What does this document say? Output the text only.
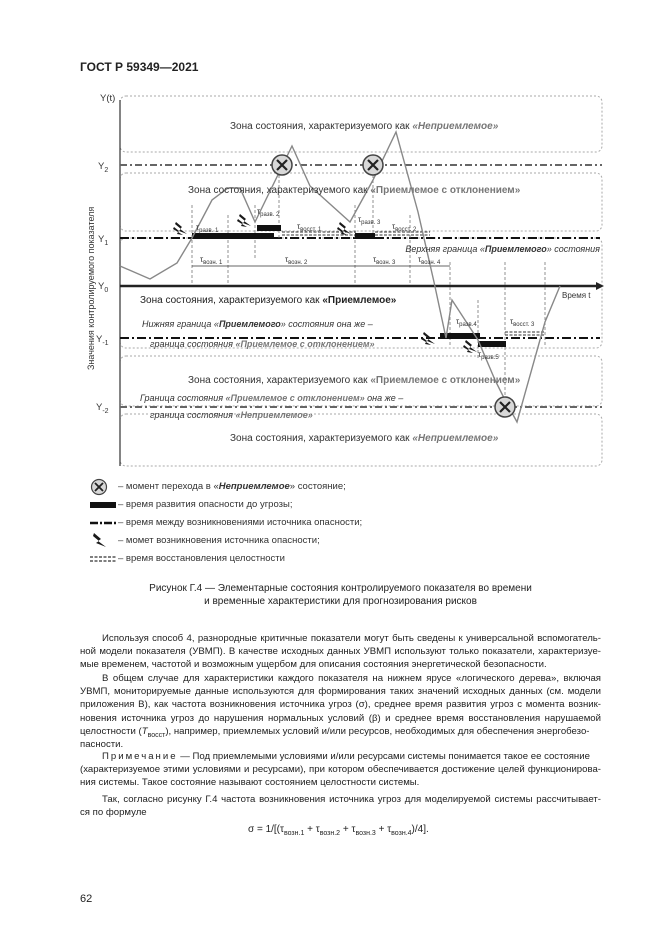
ГОСТ Р 59349—2021
Y(t)
$Y_2$
$Y_1$
$Y_0$
$Y_{-1}$
$Y_{-2}$
Значения контролируемого показателя	Время t
Зона состояния, характеризуемого как «Неприемлемое»
Зона состояния, характеризуемого как «Приемлемое с отклонением»
Зона состояния, характеризуемого как «Приемлемое»
Зона состояния, характеризуемого как «Приемлемое с отклонением»
Зона состояния, характеризуемого как «Неприемлемое»
Верхняя граница «Приемлемого» состояния
Нижняя граница «Приемлемого» состояния она же –
граница состояния «Приемлемое с отклонением»
Граница состояния «Приемлемое с отклонением» она же –
граница состояния «Неприемлемое»
$\tau_{разв. 1}$
$\tau_{разв. 2}$	$\tau_{разв. 3}$
$\tau_{восст. 1}$	$\tau_{восст. 2}$
$\tau_{возн. 1}$	$\tau_{возн. 2}$	$\tau_{возн. 3}$	$\tau_{возн. 4}$
$\tau_{разв.4}$
$\tau_{разв.5}$
$\tau_{восст. 3}$
– момент перехода в «Неприемлемое» состояние;
– время развития опасности до угрозы;
– время между возникновениями источника опасности;
– момет возникновения источника опасности;
– время восстановления целостности
Рисунок Г.4 — Элементарные состояния контролируемого показателя во времени
и временные характеристики для прогнозирования рисков
Используя способ 4, разнородные критичные показатели могут быть сведены к универсальной вспомогатель-
ной модели показателя (УВМП). В качестве исходных данных УВМП используют только показатели, характеризуе-
мые временем, частотой и возможным ущербом для описания состояния энергетической безопасности.
В общем случае для характеристики каждого показателя на нижнем ярусе «логического дерева», включая
УВМП, мониторируемые данные используются для формирования таких значений исходных данных (см. модели
приложения В), как частота возникновения источника угроз (σ), среднее время развития угроз с момента возник-
новения источника угроз до нарушения нормальных условий (β) и среднее время восстановления нарушаемой
целостности $(T_{восст})$, например, приемлемых условий и/или ресурсов, необходимых для обеспечения энергобезо-
пасности.
Примечание — Под приемлемыми условиями и/или ресурсами системы понимается такое ее состояние
(характеризуемое этими условиями и ресурсами), при котором обеспечивается достижение целей функционирова-
ния системы. Такое состояние называют состоянием целостности системы.
Так, согласно рисунку Г.4 частота возникновения источника угроз для моделируемой системы рассчитывает-
ся по формуле
$\sigma = 1/[(\tau_{возн.1} + \tau_{возн.2} + \tau_{возн.3} + \tau_{возн.4})/4]$.
62
